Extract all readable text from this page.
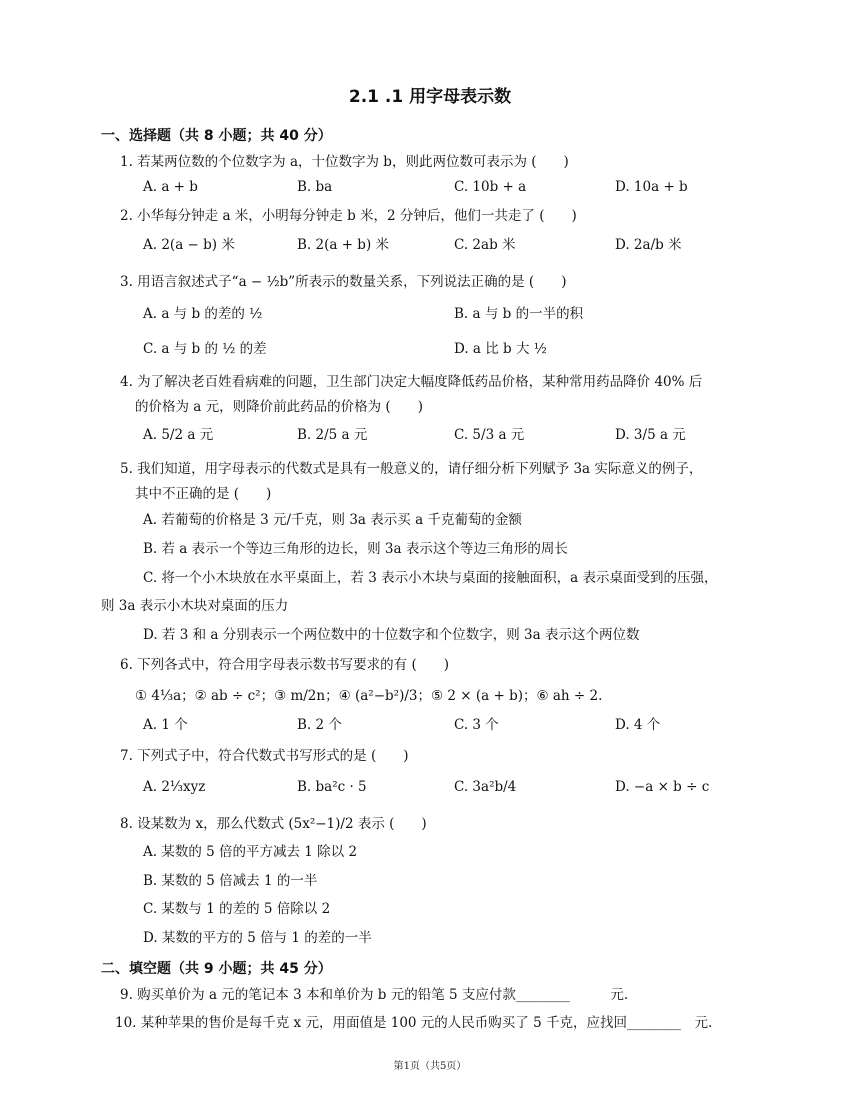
2.1 .1 用字母表示数
一、选择题（共 8 小题；共 40 分）
1. 若某两位数的个位数字为 a，十位数字为 b，则此两位数可表示为 (　　)
A. a + b	B. ba	C. 10b + a	D. 10a + b
2. 小华每分钟走 a 米，小明每分钟走 b 米，2 分钟后，他们一共走了 (　　)
A. 2(a − b) 米	B. 2(a + b) 米	C. 2ab 米	D. 2a/b 米
3. 用语言叙述式子“a − ½b”所表示的数量关系，下列说法正确的是 (　　)
A. a 与 b 的差的 ½	B. a 与 b 的一半的积
C. a 与 b 的 ½ 的差	D. a 比 b 大 ½
4. 为了解决老百姓看病难的问题，卫生部门决定大幅度降低药品价格，某种常用药品降价 40% 后
的价格为 a 元，则降价前此药品的价格为 (　　)
A. 5/2 a 元	B. 2/5 a 元	C. 5/3 a 元	D. 3/5 a 元
5. 我们知道，用字母表示的代数式是具有一般意义的，请仔细分析下列赋予 3a 实际意义的例子，
其中不正确的是 (　　)
A. 若葡萄的价格是 3 元/千克，则 3a 表示买 a 千克葡萄的金额
B. 若 a 表示一个等边三角形的边长，则 3a 表示这个等边三角形的周长
C. 将一个小木块放在水平桌面上，若 3 表示小木块与桌面的接触面积，a 表示桌面受到的压强，
则 3a 表示小木块对桌面的压力
D. 若 3 和 a 分别表示一个两位数中的十位数字和个位数字，则 3a 表示这个两位数
6. 下列各式中，符合用字母表示数书写要求的有 (　　)
① 4⅓a；② ab ÷ c²；③ m/2n；④ (a²−b²)/3；⑤ 2 × (a + b)；⑥ ah ÷ 2.
A. 1 个	B. 2 个	C. 3 个	D. 4 个
7. 下列式子中，符合代数式书写形式的是 (　　)
A. 2⅓xyz	B. ba²c · 5	C. 3a²b/4	D. −a × b ÷ c
8. 设某数为 x，那么代数式 (5x²−1)/2 表示 (　　)
A. 某数的 5 倍的平方减去 1 除以 2
B. 某数的 5 倍减去 1 的一半
C. 某数与 1 的差的 5 倍除以 2
D. 某数的平方的 5 倍与 1 的差的一半
二、填空题（共 9 小题；共 45 分）
9. 购买单价为 a 元的笔记本 3 本和单价为 b 元的铅笔 5 支应付款________　　　元.
10. 某种苹果的售价是每千克 x 元，用面值是 100 元的人民币购买了 5 千克，应找回________　元.
第1页（共5页）
